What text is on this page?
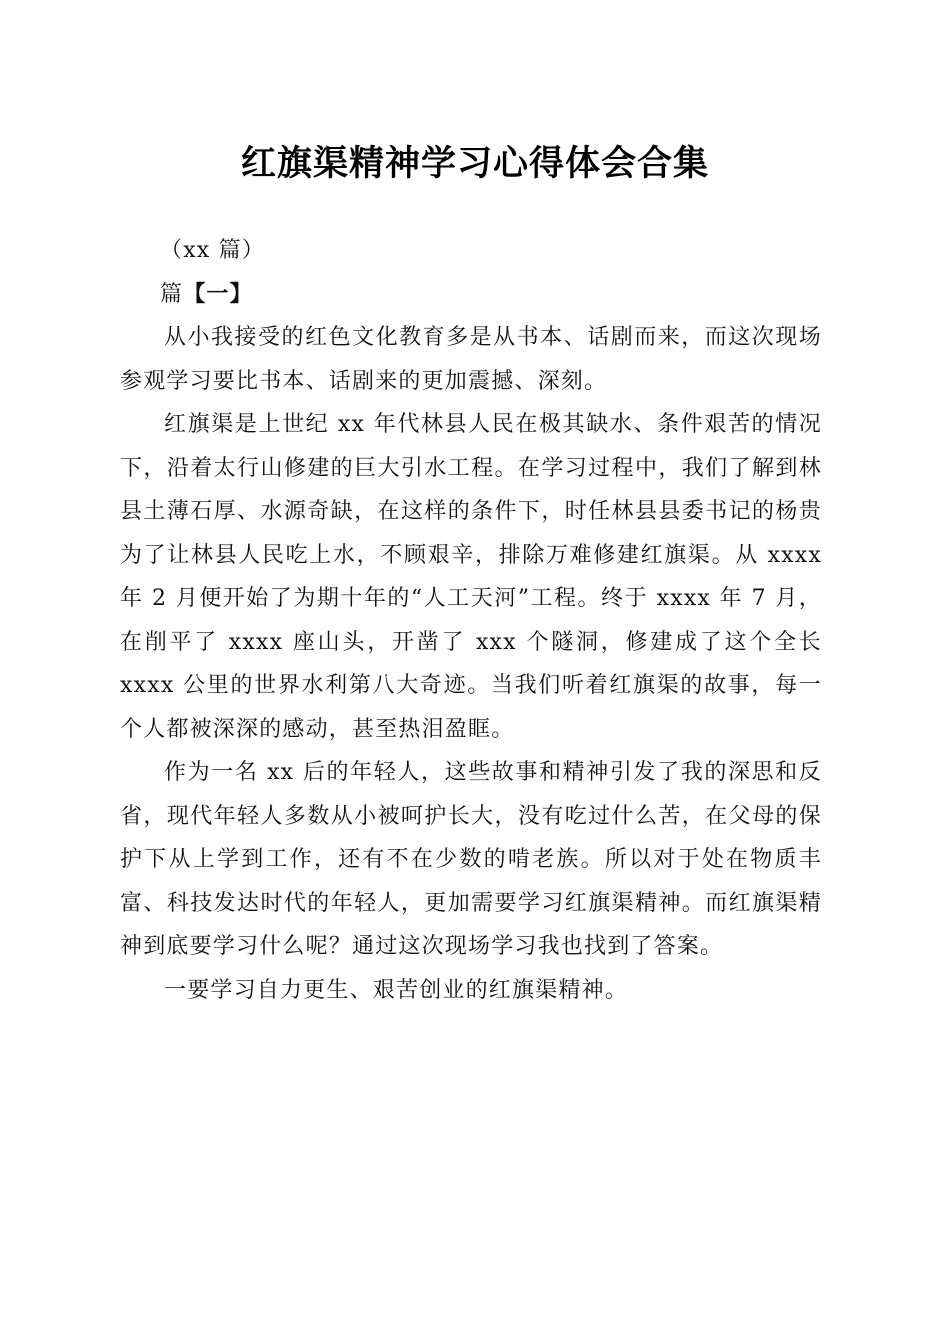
红旗渠精神学习心得体会合集

（xx 篇）

篇【一】

从小我接受的红色文化教育多是从书本、话剧而来，而这次现场参观学习要比书本、话剧来的更加震撼、深刻。

红旗渠是上世纪 xx 年代林县人民在极其缺水、条件艰苦的情况下，沿着太行山修建的巨大引水工程。在学习过程中，我们了解到林县土薄石厚、水源奇缺，在这样的条件下，时任林县县委书记的杨贵为了让林县人民吃上水，不顾艰辛，排除万难修建红旗渠。从 xxxx 年 2 月便开始了为期十年的“人工天河”工程。终于 xxxx 年 7 月，在削平了 xxxx 座山头，开凿了 xxx 个隧洞，修建成了这个全长 xxxx 公里的世界水利第八大奇迹。当我们听着红旗渠的故事，每一个人都被深深的感动，甚至热泪盈眶。

作为一名 xx 后的年轻人，这些故事和精神引发了我的深思和反省，现代年轻人多数从小被呵护长大，没有吃过什么苦，在父母的保护下从上学到工作，还有不在少数的啃老族。所以对于处在物质丰富、科技发达时代的年轻人，更加需要学习红旗渠精神。而红旗渠精神到底要学习什么呢？通过这次现场学习我也找到了答案。

一要学习自力更生、艰苦创业的红旗渠精神。
